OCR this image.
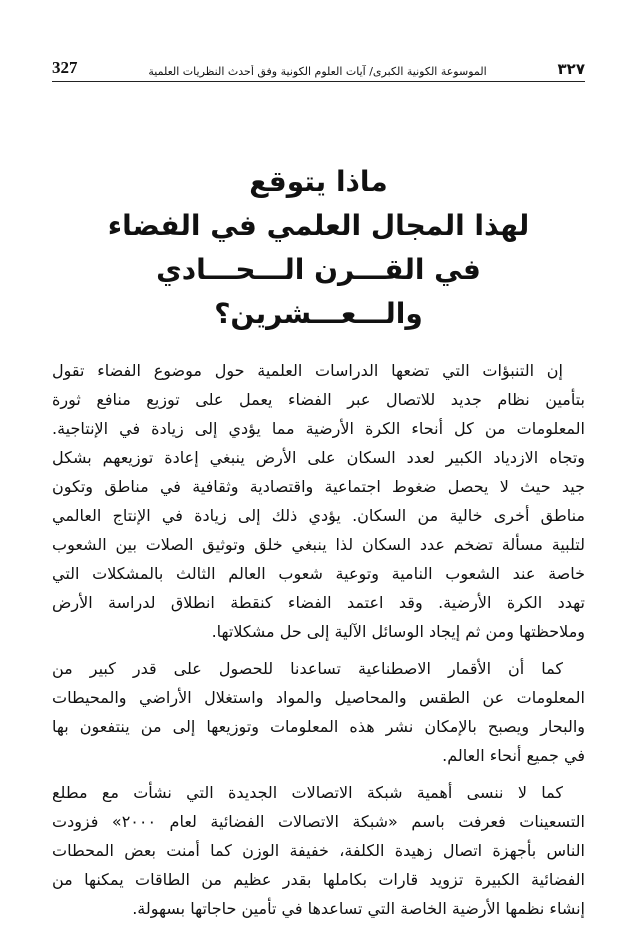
327	الموسوعة الكونية الكبرى/ آيات العلوم الكونية وفق أحدث النظريات العلمية	٣٢٧
ماذا يتوقع
لهذا المجال العلمي في الفضاء
في القـــرن الـــحـــادي والـــعـــشرين؟
إن التنبؤات التي تضعها الدراسات العلمية حول موضوع الفضاء تقول
بتأمين نظام جديد للاتصال عبر الفضاء يعمل على توزيع منافع ثورة
المعلومات من كل أنحاء الكرة الأرضية مما يؤدي إلى زيادة في الإنتاجية.
وتجاه الازدياد الكبير لعدد السكان على الأرض ينبغي إعادة توزيعهم بشكل
جيد حيث لا يحصل ضغوط اجتماعية واقتصادية وثقافية في مناطق وتكون
مناطق أخرى خالية من السكان. يؤدي ذلك إلى زيادة في الإنتاج العالمي
لتلبية مسألة تضخم عدد السكان لذا ينبغي خلق وتوثيق الصلات بين الشعوب
خاصة عند الشعوب النامية وتوعية شعوب العالم الثالث بالمشكلات التي
تهدد الكرة الأرضية. وقد اعتمد الفضاء كنقطة انطلاق لدراسة الأرض
وملاحظتها ومن ثم إيجاد الوسائل الآلية إلى حل مشكلاتها.
كما أن الأقمار الاصطناعية تساعدنا للحصول على قدر كبير من
المعلومات عن الطقس والمحاصيل والمواد واستغلال الأراضي والمحيطات
والبحار ويصبح بالإمكان نشر هذه المعلومات وتوزيعها إلى من ينتفعون بها
في جميع أنحاء العالم.
كما لا ننسى أهمية شبكة الاتصالات الجديدة التي نشأت مع مطلع
التسعينات فعرفت باسم «شبكة الاتصالات الفضائية لعام ٢٠٠٠» فزودت
الناس بأجهزة اتصال زهيدة الكلفة، خفيفة الوزن كما أمنت بعض المحطات
الفضائية الكبيرة تزويد قارات بكاملها بقدر عظيم من الطاقات يمكنها من
إنشاء نظمها الأرضية الخاصة التي تساعدها في تأمين حاجاتها بسهولة.
